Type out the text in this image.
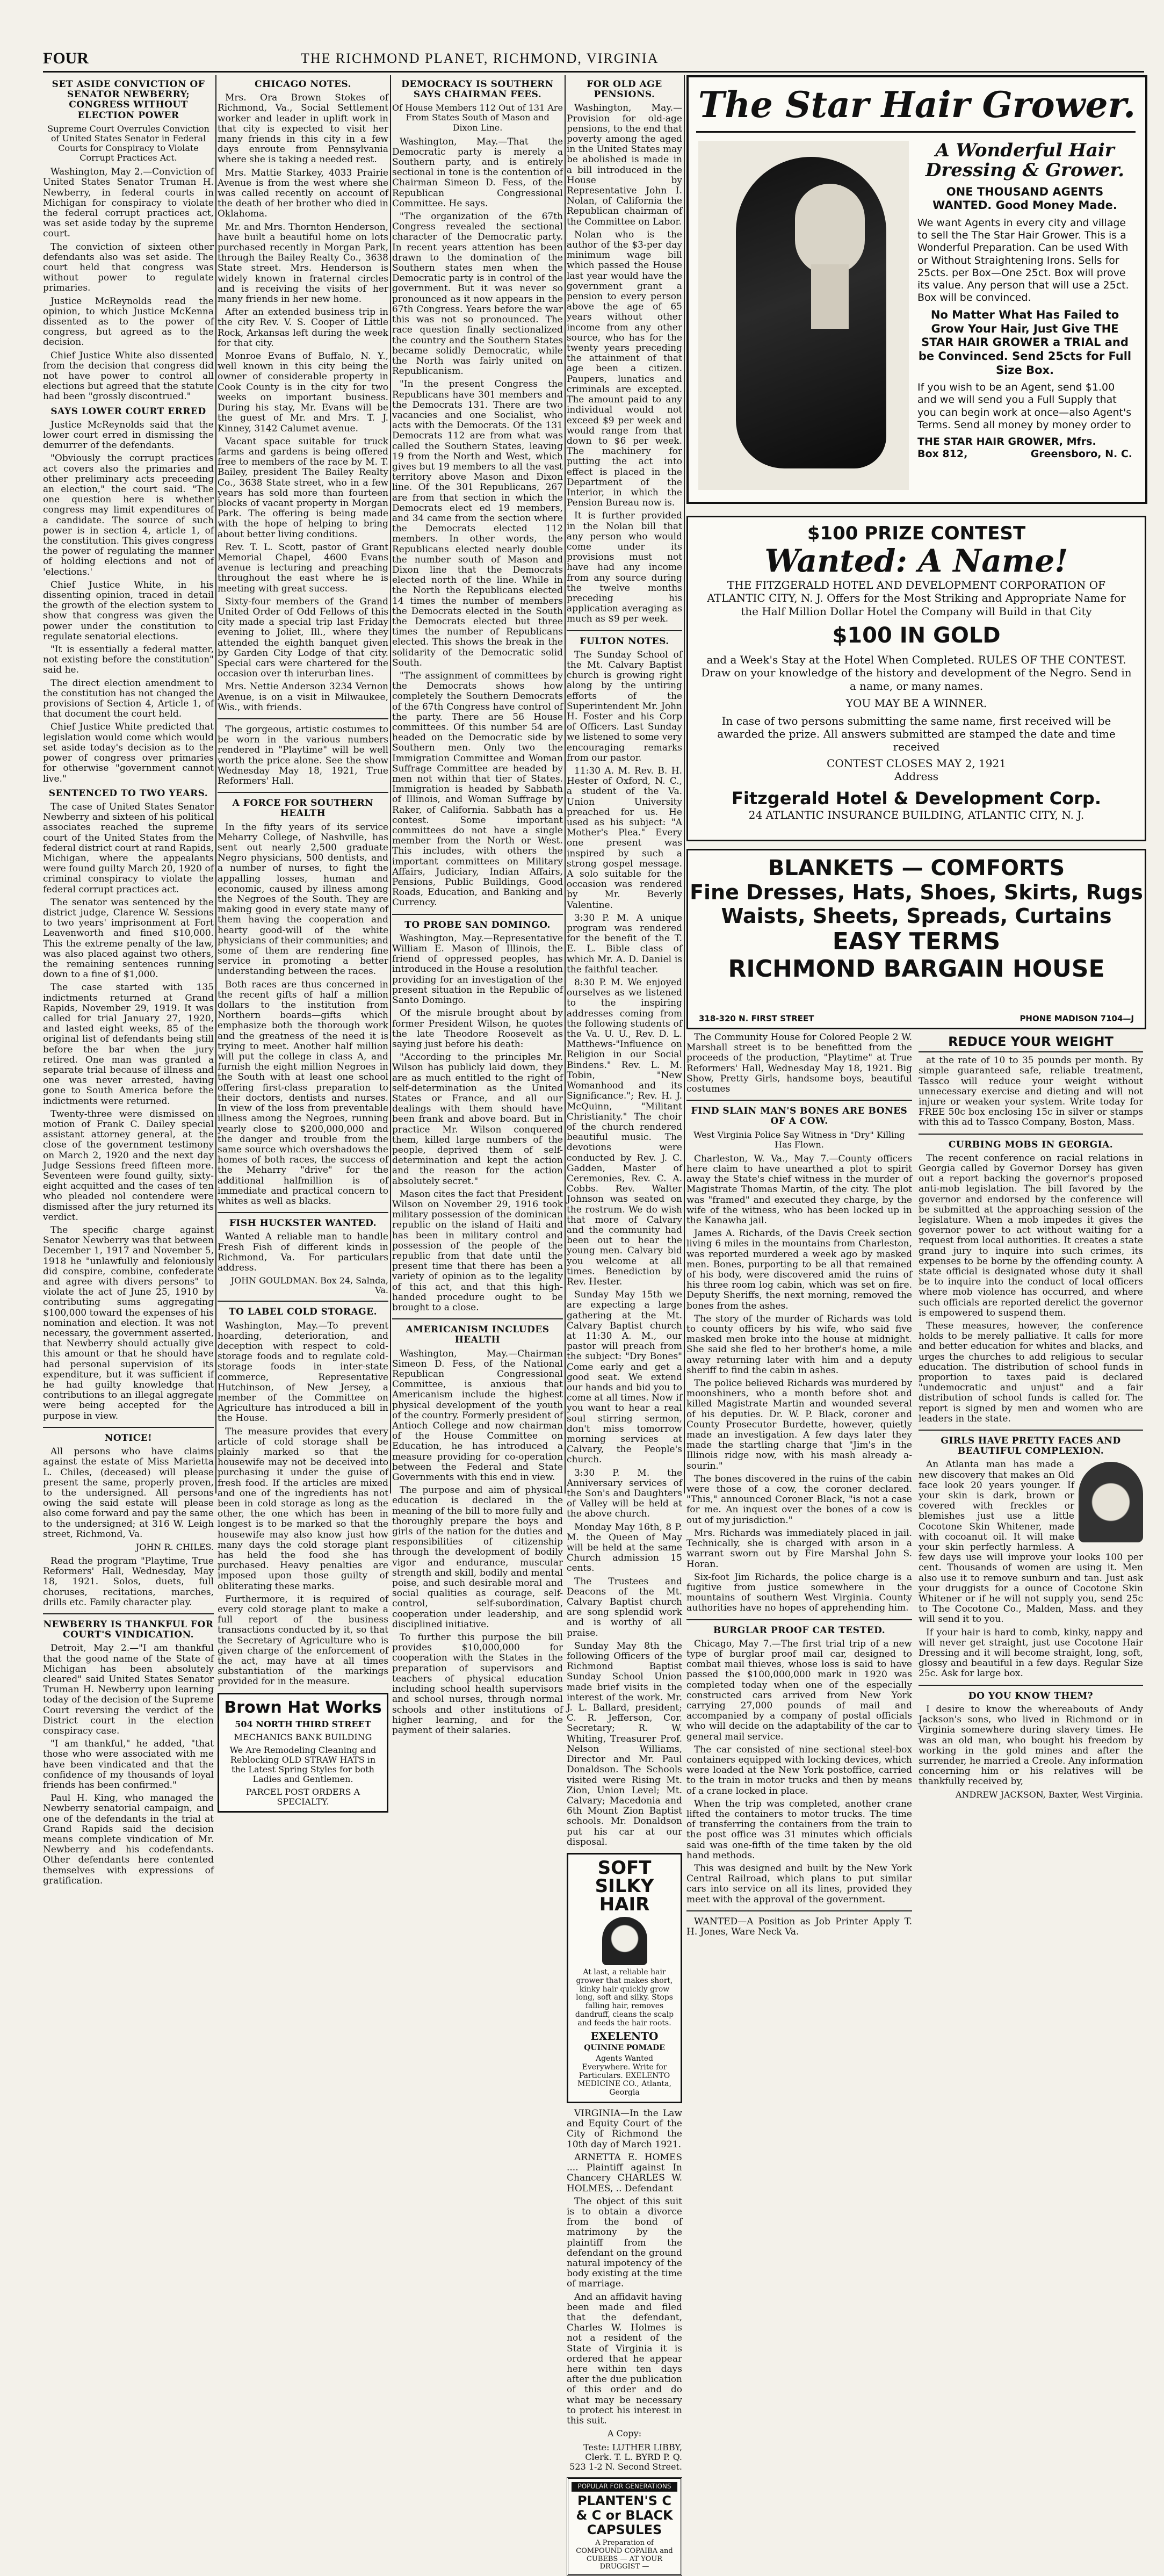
FOUR	THE RICHMOND PLANET, RICHMOND, VIRGINIA
SET ASIDE CONVICTION OF SENATOR NEWBERRY; CONGRESS WITHOUT ELECTION POWER
Supreme Court Overrules Conviction of United States Senator in Federal Courts for Conspiracy to Violate Corrupt Practices Act.

Washington, May 2.—Conviction of United States Senator Truman H. Newberry, in federal courts in Michigan for conspiracy to violate the federal corrupt practices act, was set aside today by the supreme court.

The conviction of sixteen other defendants also was set aside. The court held that congress was without power to regulate primaries.

Justice McReynolds read the opinion, to which Justice McKenna dissented as to the power of congress, but agreed as to the decision.

Chief Justice White also dissented from the decision that congress did not have power to control all elections but agreed that the statute had been "grossly discontrued."

SAYS LOWER COURT ERRED

Justice McReynolds said that the lower court erred in dismissing the demurrer of the defendants.

"Obviously the corrupt practices act covers also the primaries and other preliminary acts preceeding an election," the court said. "The one question here is whether congress may limit expenditures of a candidate. The source of such power is in section 4, article 1, of the constitution. This gives congress the power of regulating the manner of holding elections and not of 'elections.'

Chief Justice White, in his dissenting opinion, traced in detail the growth of the election system to show that congress was given the power under the constitution to regulate senatorial elections.

"It is essentially a federal matter, not existing before the constitution" said he.

The direct election amendment to the constitution has not changed the provisions of Section 4, Article 1, of that document the court held.

Chief Justice White predicted that legislation would come which would set aside today's decision as to the power of congress over primaries for otherwise "government cannot live."

SENTENCED TO TWO YEARS.

The case of United States Senator Newberry and sixteen of his political associates reached the supreme court of the United States from the federal district court at rand Rapids, Michigan, where the appealants were found guilty March 20, 1920 of criminal conspiracy to violate the federal corrupt practices act.

The senator was sentenced by the district judge, Clarence W. Sessions to two years' imprisonment at Fort Leavenworth and fined $10,000. This the extreme penalty of the law, was also placed against two others, the remaining sentences running down to a fine of $1,000.

The case started with 135 indictments returned at Grand Rapids, November 29, 1919. It was called for trial January 27, 1920, and lasted eight weeks, 85 of the original list of defendants being still before the bar when the jury retired. One man was granted a separate trial because of illness and one was never arrested, having gone to South America before the indictments were returned.

Twenty-three were dismissed on motion of Frank C. Dailey special assistant attorney general, at the close of the government testimony on March 2, 1920 and the next day Judge Sessions freed fifteen more. Seventeen were found guilty, sixty-eight acquitted and the cases of ten who pleaded nol contendere were dismissed after the jury returned its verdict.

The specific charge against Senator Newberry was that between December 1, 1917 and November 5, 1918 he "unlawfully and feloniously did conspire, combine, confederate and agree with divers persons" to violate the act of June 25, 1910 by contributing sums aggregating $100,000 toward the expenses of his nomination and election. It was not necessary, the government asserted, that Newberry should actually give this amount or that he should have had personal supervision of its expenditure, but it was sufficient if he had guilty knowledge that contributions to an illegal aggregate were being accepted for the purpose in view.

NOTICE!

All persons who have claims against the estate of Miss Marietta L. Chiles, (deceased) will please present the same, properly proven, to the undersigned. All persons owing the said estate will please also come forward and pay the same to the undersigned; at 316 W. Leigh street, Richmond, Va.

JOHN R. CHILES.

Read the program "Playtime, True Reformers' Hall, Wednesday, May 18, 1921. Solos, duets, full choruses, recitations, marches, drills etc. Family character play.

NEWBERRY IS THANKFUL FOR COURT'S VINDICATION.

Detroit, May 2.—"I am thankful that the good name of the State of Michigan has been absolutely cleared" said United States Senator Truman H. Newberry upon learning today of the decision of the Supreme Court reversing the verdict of the District court in the election conspiracy case.

"I am thankful," he added, "that those who were associated with me have been vindicated and that the confidence of my thousands of loyal friends has been confirmed."

Paul H. King, who managed the Newberry senatorial campaign, and one of the defendants in the trial at Grand Rapids said the decision means complete vindication of Mr. Newberry and his codefendants. Other defendants here contented themselves with expressions of gratification.

CHICAGO NOTES.

Mrs. Ora Brown Stokes of Richmond, Va., Social Settlement worker and leader in uplift work in that city is expected to visit her many friends in this city in a few days enroute from Pennsylvania where she is taking a needed rest.

Mrs. Mattie Starkey, 4033 Prairie Avenue is from the west where she was called recently on account of the death of her brother who died in Oklahoma.

Mr. and Mrs. Thornton Henderson, have built a beautiful home on lots purchased recently in Morgan Park, through the Bailey Realty Co., 3638 State street. Mrs. Henderson is widely known in fraternal circles and is receiving the visits of her many friends in her new home.

After an extended business trip in the city Rev. V. S. Cooper of Little Rock, Arkansas left during the week for that city.

Monroe Evans of Buffalo, N. Y., well known in this city being the owner of considerable property in Cook County is in the city for two weeks on important business. During his stay, Mr. Evans will be the guest of Mr. and Mrs. T. J. Kinney, 3142 Calumet avenue.

Vacant space suitable for truck farms and gardens is being offered free to members of the race by M. T. Bailey, president The Bailey Realty Co., 3638 State street, who in a few years has sold more than fourteen blocks of vacant property in Morgan Park. The offering is being made with the hope of helping to bring about better living conditions.

Rev. T. L. Scott, pastor of Grant Memorial Chapel, 4600 Evans avenue is lecturing and preaching throughout the east where he is meeting with great success.

Sixty-four members of the Grand United Order of Odd Fellows of this city made a special trip last Friday evening to Joliet, Ill., where they attended the eighth banquet given by Garden City Lodge of that city. Special cars were chartered for the occasion over th interurban lines.

Mrs. Nettie Anderson 3234 Vernon Avenue, is on a visit in Milwaukee, Wis., with friends.

The gorgeous, artistic costumes to be worn in the various numbers rendered in "Playtime" will be well worth the price alone. See the show Wednesday May 18, 1921, True Reformers' Hall.

A FORCE FOR SOUTHERN HEALTH

In the fifty years of its service Meharry College, of Nashville, has sent out nearly 2,500 graduate Negro physicians, 500 dentists, and a number of nurses, to fight the appalling losses, human and economic, caused by illness among the Negroes of the South. They are making good in every state many of them having the cooperation and hearty good-will of the white physicians of their communities; and some of them are rendering fine service in promoting a better understanding between the races.

Both races are thus concerned in the recent gifts of half a million dollars to the institution from Northern boards—gifts which emphasize both the thorough work and the greatness of the need it is trying to meet. Another half million will put the college in class A, and furnish the eight million Negroes in the South with at least one school offering first-class preparation to their doctors, dentists and nurses. In view of the loss from preventable illness among the Negroes, running yearly close to $200,000,000 and the danger and trouble from the same source which overshadows the homes of both races, the success of the Meharry "drive" for the additional halfmillion is of immediate and practical concern to whites as well as blacks.

FISH HUCKSTER WANTED.

Wanted A reliable man to handle Fresh Fish of different kinds in Richmond, Va. For particulars address.

JOHN GOULDMAN. Box 24, Salnda, Va.
TO LABEL COLD STORAGE.

Washington, May.—To prevent hoarding, deterioration, and deception with respect to cold-storage foods and to regulate cold-storage foods in inter-state commerce, Representative Hutchinson, of New Jersey, a member of the Committee on Agriculture has introduced a bill in the House.

The measure provides that every article of cold storage shall be plainly marked so that the housewife may not be deceived into purchasing it under the guise of fresh food. If the articles are mixed and one of the ingredients has not been in cold storage as long as the other, the one which has been in longest is to be marked so that the housewife may also know just how many days the cold storage plant has held the food she has purchased. Heavy penalties are imposed upon those guilty of obliterating these marks.

Furthermore, it is required of every cold storage plant to make a full report of the business transactions conducted by it, so that the Secretary of Agriculture who is given charge of the enforcement of the act, may have at all times substantiation of the markings provided for in the measure.

Brown Hat Works
504 NORTH THIRD STREET
MECHANICS BANK BUILDING
We Are Remodeling Cleaning and Reblocking OLD STRAW HATS in the Latest Spring Styles for both Ladies and Gentlemen.
PARCEL POST ORDERS A SPECIALTY.
DEMOCRACY IS SOUTHERN SAYS CHAIRMAN FEES.
Of House Members 112 Out of 131 Are From States South of Mason and Dixon Line.

Washington, May.—That the Democratic party is merely a Southern party, and is entirely sectional in tone is the contention of Chairman Simeon D. Fess, of the Republican Congressional Committee. He says.

"The organization of the 67th Congress revealed the sectional character of the Democratic party. In recent years attention has been drawn to the domination of the Southern states men when the Democratic party is in control of the government. But it was never so pronounced as it now appears in the 67th Congress. Years before the war this was not so pronounced. The race question finally sectionalized the country and the Southern States became solidly Democratic, while the North was fairly united on Republicanism.

"In the present Congress the Republicans have 301 members and the Democrats 131. There are two vacancies and one Socialist, who acts with the Democrats. Of the 131 Democrats 112 are from what was called the Southern States, leaving 19 from the North and West, which gives but 19 members to all the vast territory above Mason and Dixon line. Of the 301 Republicans, 267 are from that section in which the Democrats elect ed 19 members, and 34 came from the section where the Democrats elected 112 members. In other words, the Republicans elected nearly double the number south of Mason and Dixon line that the Democrats elected north of the line. While in the North the Republicans elected 14 times the number of members the Democrats elected in the South the Democrats elected but three times the number of Republicans elected. This shows the break in the solidarity of the Democratic solid South.

"The assignment of committees by the Democrats shows how completely the Southern Democrats of the 67th Congress have control of the party. There are 56 House committees. Of this number 54 are headed on the Democratic side by Southern men. Only two the Immigration Committee and Woman Suffrage Committee are headed by men not within that tier of States. Immigration is headed by Sabbath of Illinois, and Woman Suffrage by Raker, of California. Sabbath has a contest. Some important committees do not have a single member from the North or West. This includes, with others the important committees on Military Affairs, Judiciary, Indian Affairs, Pensions, Public Buildings, Good Roads, Education, and Banking and Currency.

TO PROBE SAN DOMINGO.

Washington, May.—Representative William E. Mason of Illinois, the friend of oppressed peoples, has introduced in the House a resolution providing for an investigation of the present situation in the Republic of Santo Domingo.

Of the misrule brought about by former President Wilson, he quotes the late Theodore Roosevelt as saying just before his death:

"According to the principles Mr. Wilson has publicly laid down, they are as much entitled to the right of self-determination as the United States or France, and all our dealings with them should have been frank and above board. But in practice Mr. Wilson conquered them, killed large numbers of the people, deprived them of self-determination and kept the action and the reason for the action absolutely secret."

Mason cites the fact that President Wilson on November 29, 1916 took military possession of the dominican republic on the island of Haiti and has been in military control and possession of the people of the republic from that date until the present time that there has been a variety of opinion as to the legality of this act, and that this high-handed procedure ought to be brought to a close.

AMERICANISM INCLUDES HEALTH

Washington, May.—Chairman Simeon D. Fess, of the National Republican Congressional Committee, is anxious that Americanism include the highest physical development of the youth of the country. Formerly president of Antioch College and now chairman of the House Committee on Education, he has introduced a measure providing for co-operation between the Federal and State Governments with this end in view.

The purpose and aim of physical education is declared in the meaning of the bill to more fully and thoroughly prepare the boys and girls of the nation for the duties and responsibilities of citizenship through the development of bodily vigor and endurance, muscular strength and skill, bodily and mental poise, and such desirable moral and social qualities as courage, self-control, self-subordination, cooperation under leadership, and disciplined initiative.

To further this purpose the bill provides $10,000,000 for cooperation with the States in the preparation of supervisors and teachers of physical education including school health supervisors and school nurses, through normal schools and other institutions of higher learning, and for the payment of their salaries.

FOR OLD AGE PENSIONS.

Washington, May.—Provision for old-age pensions, to the end that poverty among the aged in the United States may be abolished is made in a bill introduced in the House by Representative John I. Nolan, of California the Republican chairman of the Committee on Labor.

Nolan who is the author of the $3-per day minimum wage bill which passed the House last year would have the government grant a pension to every person above the age of 65 years without other income from any other source, who has for the twenty years preceding the attainment of that age been a citizen. Paupers, lunatics and criminals are excepted. The amount paid to any individual would not exceed $9 per week and would range from that down to $6 per week. The machinery for putting the act into effect is placed in the Department of the Interior, in which the Pension Bureau now is.

It is further provided in the Nolan bill that any person who would come under its provisions must not have had any income from any source during the twelve months preceding his application averaging as much as $9 per week.

FULTON NOTES.

The Sunday School of the Mt. Calvary Baptist church is growing right along by the untiring efforts of the Superintendent Mr. John H. Foster and his Corp of Officers. Last Sunday we listened to some very encouraging remarks from our pastor.

11:30 A. M. Rev. B. H. Hester of Oxford, N. C., a student of the Va. Union University preached for us. He used as his subject: "A Mother's Plea." Every one present was inspired by such a strong gospel message. A solo suitable for the occasion was rendered by Mr. Beverly Valentine.

3:30 P. M. A unique program was rendered for the benefit of the T. E. L. Bible class of which Mr. A. D. Daniel is the faithful teacher.

8:30 P. M. We enjoyed ourselves as we listened to the inspiring addresses coming from the following students of the Va. U. U., Rev. D. L. Matthews-"Influence on Religion in our Social Bindens." Rev. L. M. Tobin, "New Womanhood and its Significance."; Rev. H. J. McQuinn, "Militant Christianity." The choir of the church rendered beautiful music. The devotions were conducted by Rev. J. C. Gadden, Master of Ceremonies, Rev. C. A. Cobbs. Rev. Walter Johnson was seated on the rostrum. We do wish that more of Calvary and the community had been out to hear the young men. Calvary bid you welcome at all times. Benediction by Rev. Hester.

Sunday May 15th we are expecting a large gathering at the Mt. Calvary Baptist church at 11:30 A. M., our pastor will preach from the subject: "Dry Bones" Come early and get a good seat. We extend our hands and bid you to come at all times. Now if you want to hear a real soul stirring sermon, don't miss tomorrow morning services at Calvary, the People's church.

3:30 P. M. the Anniversary services of the Son's and Daughters of Valley will be held at the above church.

Monday May 16th, 8 P. M. the Queen of May will be held at the same Church admission 15 cents.

The Trustees and Deacons of the Mt. Calvary Baptist church are song splendid work and is worthy of all praise.

Sunday May 8th the following Officers of the Richmond Baptist Sunday School Union made brief visits in the interest of the work. Mr. J. L. Ballard, president; C. R. Jefferson, Cor. Secretary; R. W. Whiting, Treasurer Prof. Nelson Williams, Director and Mr. Paul Donaldson. The Schools visited were Rising Mt. Zion, Union Level; Mt. Calvary; Macedonia and 6th Mount Zion Baptist schools. Mr. Donaldson put his car at our disposal.

SOFT
SILKY
HAIR
At last, a reliable hair grower that makes short, kinky hair quickly grow long, soft and silky. Stops falling hair, removes dandruff, cleans the scalp and feeds the hair roots.
EXELENTO
QUININE POMADE
Agents Wanted Everywhere. Write for Particulars. EXELENTO MEDICINE CO., Atlanta, Georgia

VIRGINIA—In the Law and Equity Court of the City of Richmond the 10th day of March 1921.

ARNETTA E. HOMES .... Plaintiff against In Chancery CHARLES W. HOLMES, .. Defendant

The object of this suit is to obtain a divorce from the bond of matrimony by the plaintiff from the defendant on the ground natural impotency of the body existing at the time of marriage.

And an affidavit having been made and filed that the defendant, Charles W. Holmes is not a resident of the State of Virginia it is ordered that he appear here within ten days after the due publication of this order and do what may be necessary to protect his interest in this suit.

A Copy:
Teste: LUTHER LIBBY, Clerk. T. L. BYRD P. Q. 523 1-2 N. Second Street.
POPULAR FOR GENERATIONS
PLANTEN'S C & C or BLACK CAPSULES
A Preparation of COMPOUND COPAIBA and CUBEBS — AT YOUR DRUGGIST —
The Star Hair Grower.
A Wonderful Hair Dressing & Grower.
ONE THOUSAND AGENTS WANTED. Good Money Made.
We want Agents in every city and village to sell the The Star Hair Grower. This is a Wonderful Preparation. Can be used With or Without Straightening Irons. Sells for 25cts. per Box—One 25ct. Box will prove its value. Any person that will use a 25ct. Box will be convinced.
No Matter What Has Failed to Grow Your Hair, Just Give THE STAR HAIR GROWER a TRIAL and be Convinced. Send 25cts for Full Size Box.
If you wish to be an Agent, send $1.00 and we will send you a Full Supply that you can begin work at once—also Agent's Terms. Send all money by money order to
THE STAR HAIR GROWER, Mfrs.
Box 812,	Greensboro, N. C.
$100 PRIZE CONTEST
Wanted: A Name!
THE FITZGERALD HOTEL AND DEVELOPMENT CORPORATION OF ATLANTIC CITY, N. J. Offers for the Most Striking and Appropriate Name for the Half Million Dollar Hotel the Company will Build in that City
$100 IN GOLD
and a Week's Stay at the Hotel When Completed. RULES OF THE CONTEST. Draw on your knowledge of the history and development of the Negro. Send in a name, or many names.
YOU MAY BE A WINNER.
In case of two persons submitting the same name, first received will be awarded the prize. All answers submitted are stamped the date and time received
CONTEST CLOSES MAY 2, 1921
Address
Fitzgerald Hotel & Development Corp.
24 ATLANTIC INSURANCE BUILDING, ATLANTIC CITY, N. J.
BLANKETS — COMFORTS
Fine Dresses, Hats, Shoes, Skirts, Rugs
Waists, Sheets, Spreads, Curtains
EASY TERMS
RICHMOND BARGAIN HOUSE
318-320 N. FIRST STREET	PHONE MADISON 7104—J

The Community House for Colored People 2 W. Marshall street is to be benefitted from the proceeds of the production, "Playtime" at True Reformers' Hall, Wednesday May 18, 1921. Big Show, Pretty Girls, handsome boys, beautiful costumes

FIND SLAIN MAN'S BONES ARE BONES OF A COW.
West Virginia Police Say Witness in "Dry" Killing Has Flown.

Charleston, W. Va., May 7.—County officers here claim to have unearthed a plot to spirit away the State's chief witness in the murder of Magistrate Thomas Martin, of the city. The plot was "framed" and executed they charge, by the wife of the witness, who has been locked up in the Kanawha jail.

James A. Richards, of the Davis Creek section living 6 miles in the mountains from Charleston, was reported murdered a week ago by masked men. Bones, purporting to be all that remained of his body, were discovered amid the ruins of his three room log cabin, which was set on fire. Deputy Sheriffs, the next morning, removed the bones from the ashes.

The story of the murder of Richards was told to county officers by his wife, who said five masked men broke into the house at midnight. She said she fled to her brother's home, a mile away returning later with him and a deputy sheriff to find the cabin in ashes.

The police believed Richards was murdered by moonshiners, who a month before shot and killed Magistrate Martin and wounded several of his deputies. Dr. W. P. Black, coroner and County Prosecutor Burdette, however, quietly made an investigation. A few days later they made the startling charge that "Jim's in the Illinois ridge now, with his mash already a-sourin."

The bones discovered in the ruins of the cabin were those of a cow, the coroner declared. "This," announced Coroner Black, "is not a case for me. An inquest over the bones of a cow is out of my jurisdiction."

Mrs. Richards was immediately placed in jail. Technically, she is charged with arson in a warrant sworn out by Fire Marshal John S. Horan.

Six-foot Jim Richards, the police charge is a fugitive from justice somewhere in the mountains of southern West Virginia. County authorities have no hopes of apprehending him.

BURGLAR PROOF CAR TESTED.

Chicago, May 7.—The first trial trip of a new type of burglar proof mail car, designed to combat mail thieves, whose loss is said to have passed the $100,000,000 mark in 1920 was completed today when one of the especially constructed cars arrived from New York carrying 27,000 pounds of mail and accompanied by a company of postal officials who will decide on the adaptability of the car to general mail service.

The car consisted of nine sectional steel-box containers equipped with locking devices, which were loaded at the New York postoffice, carried to the train in motor trucks and then by means of a crane locked in place.

When the trip was completed, another crane lifted the containers to motor trucks. The time of transferring the containers from the train to the post office was 31 minutes which officials said was one-fifth of the time taken by the old hand methods.

This was designed and built by the New York Central Railroad, which plans to put similar cars into service on all its lines, provided they meet with the approval of the government.

WANTED—A Position as Job Printer Apply T. H. Jones, Ware Neck Va.

REDUCE YOUR WEIGHT

at the rate of 10 to 35 pounds per month. By simple guaranteed safe, reliable treatment, Tassco will reduce your weight without unnecessary exercise and dieting and will not injure or weaken your system. Write today for FREE 50c box enclosing 15c in silver or stamps with this ad to Tassco Company, Boston, Mass.

CURBING MOBS IN GEORGIA.

The recent conference on racial relations in Georgia called by Governor Dorsey has given out a report backing the governor's proposed anti-mob legislation. The bill favored by the governor and endorsed by the conference will be submitted at the approaching session of the legislature. When a mob impedes it gives the governor power to act without waiting for a request from local authorities. It creates a state grand jury to inquire into such crimes, its expenses to be borne by the offending county. A state official is designated whose duty it shall be to inquire into the conduct of local officers where mob violence has occurred, and where such officials are reported derelict the governor is empowered to suspend them.

These measures, however, the conference holds to be merely palliative. It calls for more and better education for whites and blacks, and urges the churches to add religious to secular education. The distribution of school funds in proportion to taxes paid is declared "undemocratic and unjust" and a fair distribution of school funds is called for. The report is signed by men and women who are leaders in the state.

GIRLS HAVE PRETTY FACES AND BEAUTIFUL COMPLEXION.

An Atlanta man has made a new discovery that makes an Old face look 20 years younger. If your skin is dark, brown or covered with freckles or blemishes just use a little Cocotone Skin Whitener, made with cocoanut oil. It will make your skin perfectly harmless. A few days use will improve your looks 100 per cent. Thousands of women are using it. Men also use it to remove sunburn and tan. Just ask your druggists for a ounce of Cocotone Skin Whitener or if he will not supply you, send 25c to The Cocotone Co., Malden, Mass. and they will send it to you.

If your hair is hard to comb, kinky, nappy and will never get straight, just use Cocotone Hair Dressing and it will become straight, long, soft, glossy and beautiful in a few days. Regular Size 25c. Ask for large box.

DO YOU KNOW THEM?

I desire to know the whereabouts of Andy Jackson's sons, who lived in Richmond or in Virginia somewhere during slavery times. He was an old man, who bought his freedom by working in the gold mines and after the surrender, he married a Creole. Any information concerning him or his relatives will be thankfully received by,

ANDREW JACKSON, Baxter, West Virginia.
